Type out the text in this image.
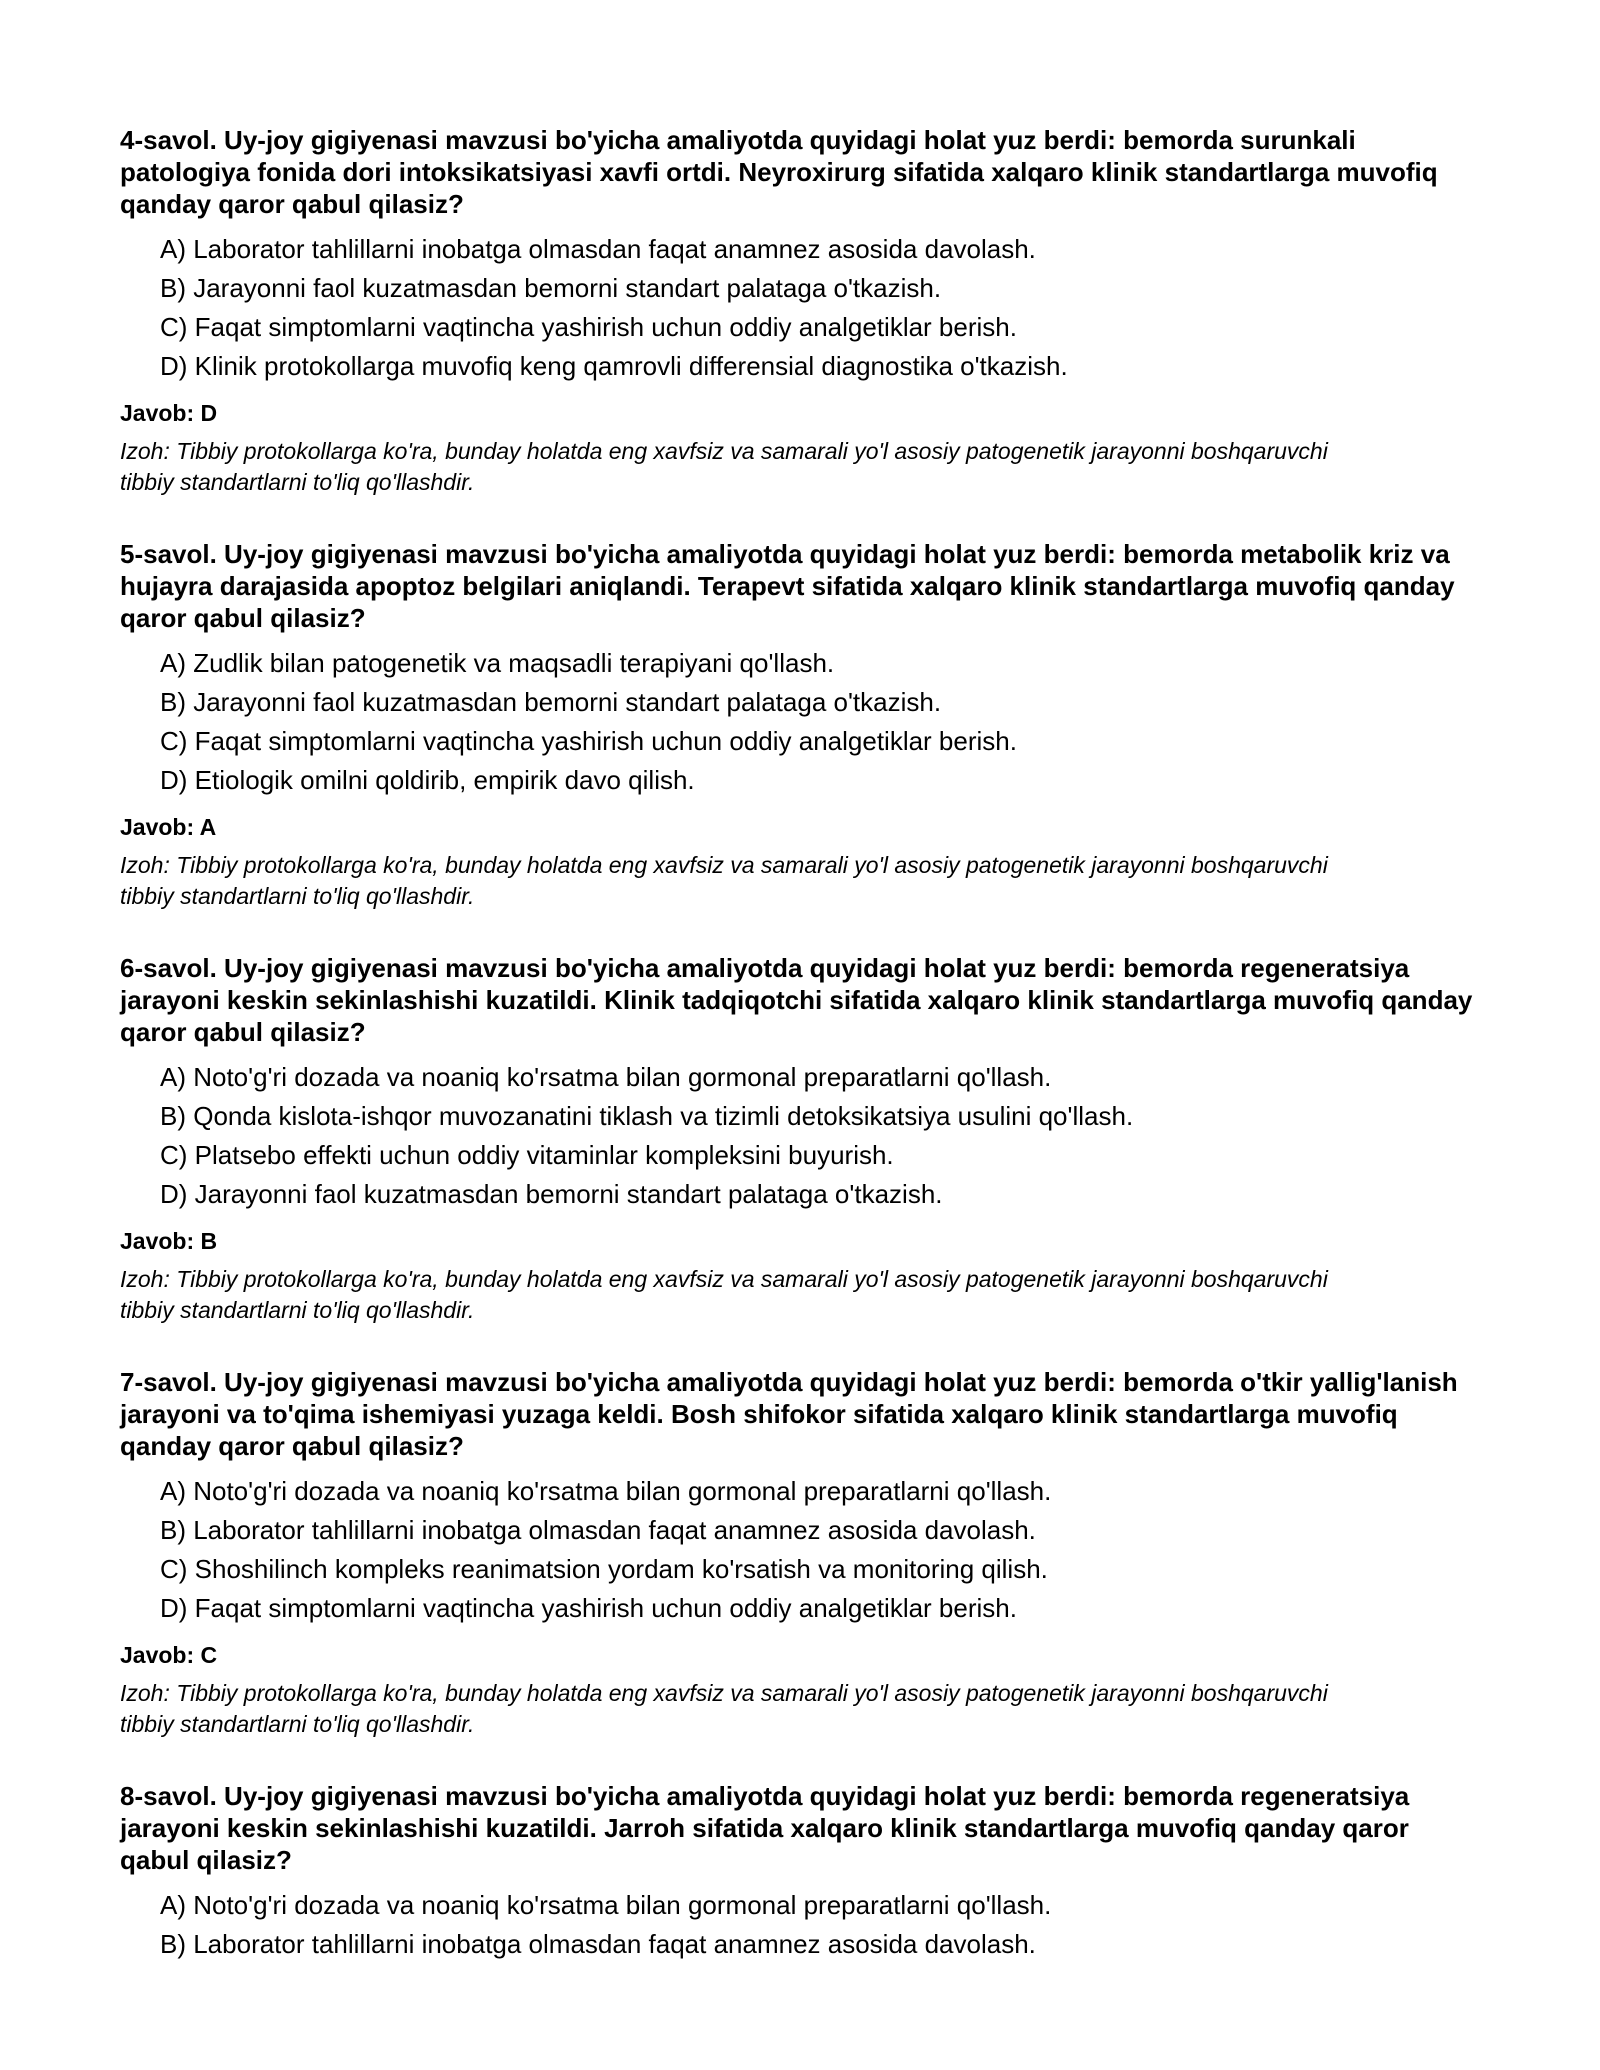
4-savol. Uy-joy gigiyenasi mavzusi bo'yicha amaliyotda quyidagi holat yuz berdi: bemorda surunkali patologiya fonida dori intoksikatsiyasi xavfi ortdi. Neyroxirurg sifatida xalqaro klinik standartlarga muvofiq qanday qaror qabul qilasiz?

A) Laborator tahlillarni inobatga olmasdan faqat anamnez asosida davolash.
B) Jarayonni faol kuzatmasdan bemorni standart palataga o'tkazish.
C) Faqat simptomlarni vaqtincha yashirish uchun oddiy analgetiklar berish.
D) Klinik protokollarga muvofiq keng qamrovli differensial diagnostika o'tkazish.

Javob: D

Izoh: Tibbiy protokollarga ko'ra, bunday holatda eng xavfsiz va samarali yo'l asosiy patogenetik jarayonni boshqaruvchi tibbiy standartlarni to'liq qo'llashdir.

5-savol. Uy-joy gigiyenasi mavzusi bo'yicha amaliyotda quyidagi holat yuz berdi: bemorda metabolik kriz va hujayra darajasida apoptoz belgilari aniqlandi. Terapevt sifatida xalqaro klinik standartlarga muvofiq qanday qaror qabul qilasiz?

A) Zudlik bilan patogenetik va maqsadli terapiyani qo'llash.
B) Jarayonni faol kuzatmasdan bemorni standart palataga o'tkazish.
C) Faqat simptomlarni vaqtincha yashirish uchun oddiy analgetiklar berish.
D) Etiologik omilni qoldirib, empirik davo qilish.

Javob: A

Izoh: Tibbiy protokollarga ko'ra, bunday holatda eng xavfsiz va samarali yo'l asosiy patogenetik jarayonni boshqaruvchi tibbiy standartlarni to'liq qo'llashdir.

6-savol. Uy-joy gigiyenasi mavzusi bo'yicha amaliyotda quyidagi holat yuz berdi: bemorda regeneratsiya jarayoni keskin sekinlashishi kuzatildi. Klinik tadqiqotchi sifatida xalqaro klinik standartlarga muvofiq qanday qaror qabul qilasiz?

A) Noto'g'ri dozada va noaniq ko'rsatma bilan gormonal preparatlarni qo'llash.
B) Qonda kislota-ishqor muvozanatini tiklash va tizimli detoksikatsiya usulini qo'llash.
C) Platsebo effekti uchun oddiy vitaminlar kompleksini buyurish.
D) Jarayonni faol kuzatmasdan bemorni standart palataga o'tkazish.

Javob: B

Izoh: Tibbiy protokollarga ko'ra, bunday holatda eng xavfsiz va samarali yo'l asosiy patogenetik jarayonni boshqaruvchi tibbiy standartlarni to'liq qo'llashdir.

7-savol. Uy-joy gigiyenasi mavzusi bo'yicha amaliyotda quyidagi holat yuz berdi: bemorda o'tkir yallig'lanish jarayoni va to'qima ishemiyasi yuzaga keldi. Bosh shifokor sifatida xalqaro klinik standartlarga muvofiq qanday qaror qabul qilasiz?

A) Noto'g'ri dozada va noaniq ko'rsatma bilan gormonal preparatlarni qo'llash.
B) Laborator tahlillarni inobatga olmasdan faqat anamnez asosida davolash.
C) Shoshilinch kompleks reanimatsion yordam ko'rsatish va monitoring qilish.
D) Faqat simptomlarni vaqtincha yashirish uchun oddiy analgetiklar berish.

Javob: C

Izoh: Tibbiy protokollarga ko'ra, bunday holatda eng xavfsiz va samarali yo'l asosiy patogenetik jarayonni boshqaruvchi tibbiy standartlarni to'liq qo'llashdir.

8-savol. Uy-joy gigiyenasi mavzusi bo'yicha amaliyotda quyidagi holat yuz berdi: bemorda regeneratsiya jarayoni keskin sekinlashishi kuzatildi. Jarroh sifatida xalqaro klinik standartlarga muvofiq qanday qaror qabul qilasiz?

A) Noto'g'ri dozada va noaniq ko'rsatma bilan gormonal preparatlarni qo'llash.
B) Laborator tahlillarni inobatga olmasdan faqat anamnez asosida davolash.
